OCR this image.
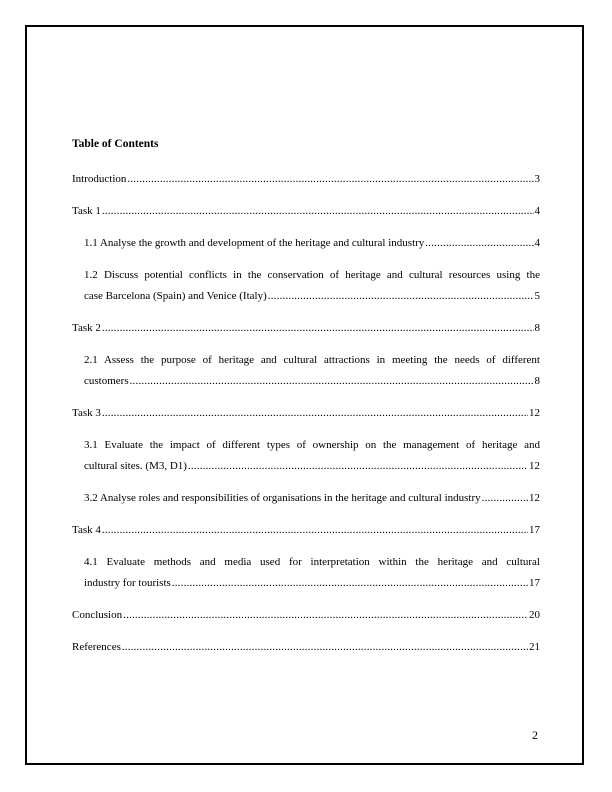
Table of Contents
Introduction .....	3
Task 1 .....	4
1.1 Analyse the growth and development of the heritage and cultural industry .....	4
1.2 Discuss potential conflicts in the conservation of heritage and cultural resources using the
case Barcelona (Spain) and Venice (Italy) .....	5
Task 2 .....	8
2.1 Assess the purpose of heritage and cultural attractions in meeting the needs of different
customers .....	8
Task 3 .....	12
3.1 Evaluate the impact of different types of ownership on the management of heritage and
cultural sites. (M3, D1) .....	12
3.2 Analyse roles and responsibilities of organisations in the heritage and cultural industry .....	12
Task 4 .....	17
4.1 Evaluate methods and media used for interpretation within the heritage and cultural
industry for tourists .....	17
Conclusion .....	20
References .....	21
2
